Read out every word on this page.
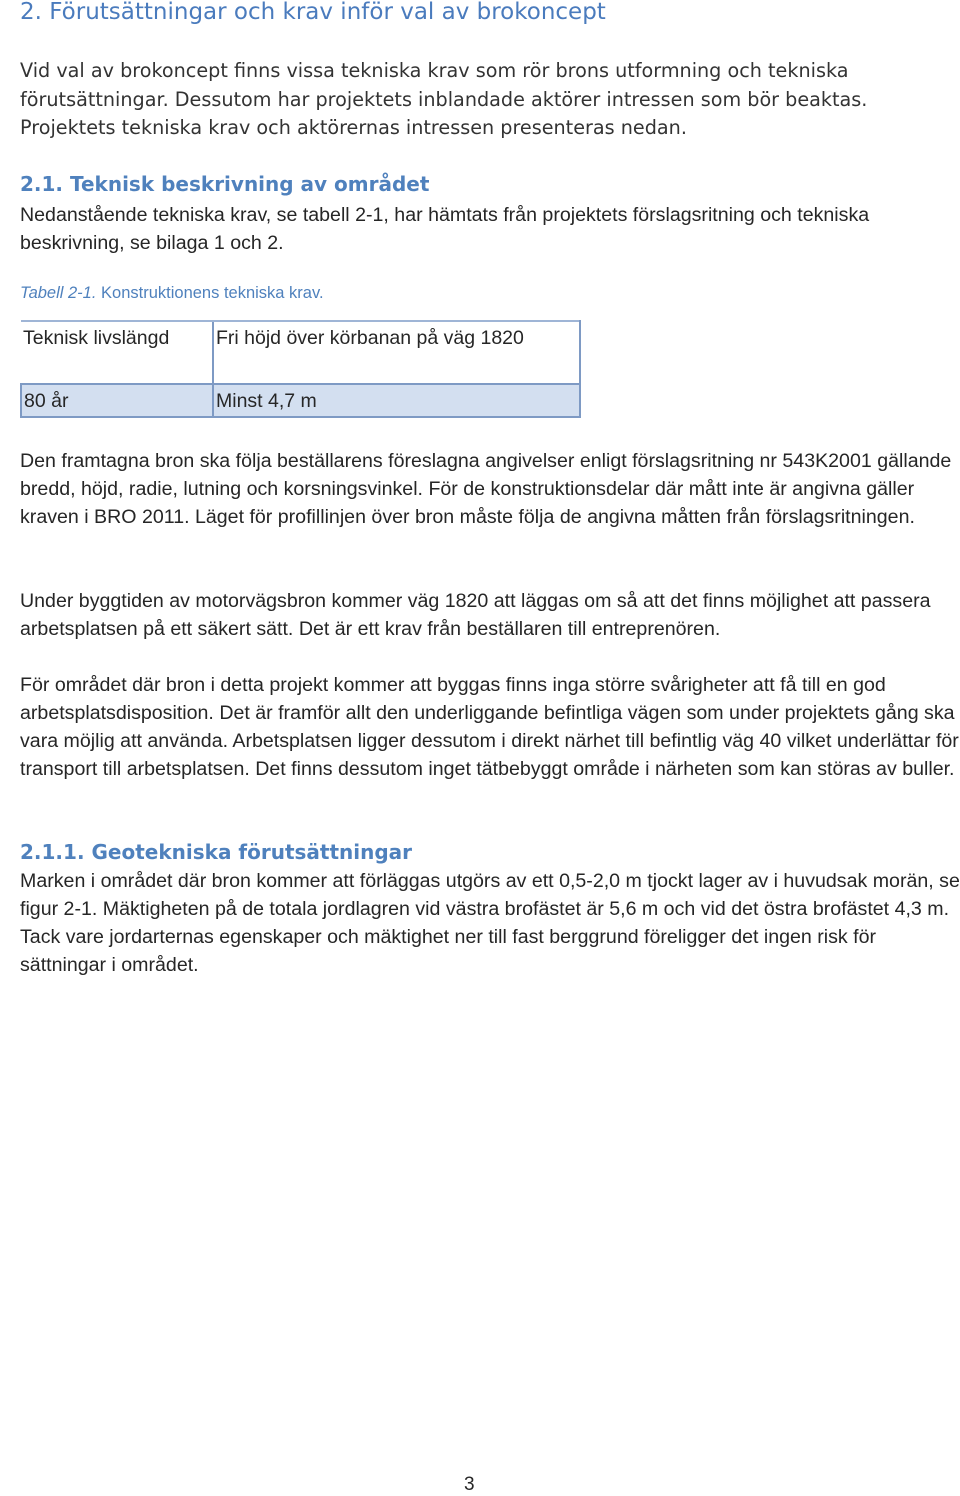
2. Förutsättningar och krav inför val av brokoncept

Vid val av brokoncept finns vissa tekniska krav som rör brons utformning och tekniska förutsättningar. Dessutom har projektets inblandade aktörer intressen som bör beaktas. Projektets tekniska krav och aktörernas intressen presenteras nedan.

2.1. Teknisk beskrivning av området

Nedanstående tekniska krav, se tabell 2-1, har hämtats från projektets förslagsritning och tekniska beskrivning, se bilaga 1 och 2.

Tabell 2-1. Konstruktionens tekniska krav.

Teknisk livslängd	Fri höjd över körbanan på väg 1820
80 år	Minst 4,7 m

Den framtagna bron ska följa beställarens föreslagna angivelser enligt förslagsritning nr 543K2001 gällande bredd, höjd, radie, lutning och korsningsvinkel. För de konstruktionsdelar där mått inte är angivna gäller kraven i BRO 2011. Läget för profillinjen över bron måste följa de angivna måtten från förslagsritningen.

Under byggtiden av motorvägsbron kommer väg 1820 att läggas om så att det finns möjlighet att passera arbetsplatsen på ett säkert sätt. Det är ett krav från beställaren till entreprenören.

För området där bron i detta projekt kommer att byggas finns inga större svårigheter att få till en god arbetsplatsdisposition. Det är framför allt den underliggande befintliga vägen som under projektets gång ska vara möjlig att använda. Arbetsplatsen ligger dessutom i direkt närhet till befintlig väg 40 vilket underlättar för transport till arbetsplatsen. Det finns dessutom inget tätbebyggt område i närheten som kan störas av buller.

2.1.1. Geotekniska förutsättningar

Marken i området där bron kommer att förläggas utgörs av ett 0,5-2,0 m tjockt lager av i huvudsak morän, se figur 2-1. Mäktigheten på de totala jordlagren vid västra brofästet är 5,6 m och vid det östra brofästet 4,3 m. Tack vare jordarternas egenskaper och mäktighet ner till fast berggrund föreligger det ingen risk för sättningar i området.

3
